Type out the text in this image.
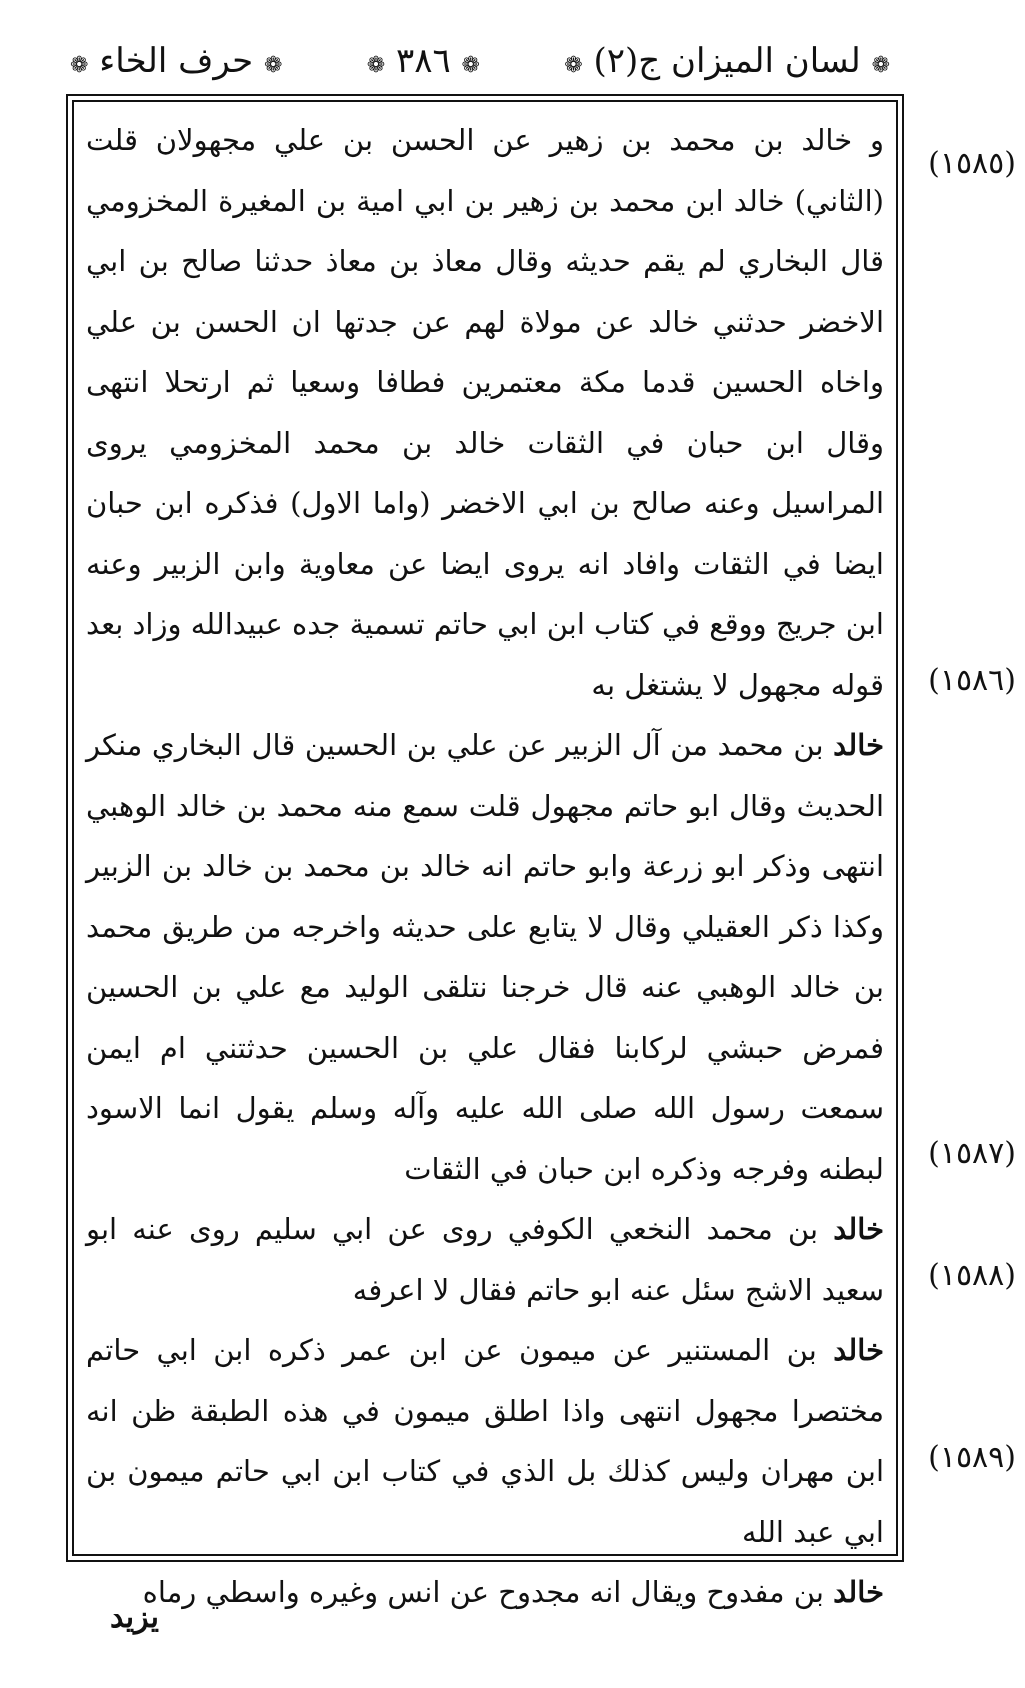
❁ لسان الميزان ج(٢) ❁
❁ ٣٨٦ ❁
❁ حرف الخاء ❁

و خالد بن محمد بن زهير عن الحسن بن علي مجهولان قلت (الثاني) خالد ابن محمد بن زهير بن ابي امية بن المغيرة المخزومي قال البخاري لم يقم حديثه وقال معاذ بن معاذ حدثنا صالح بن ابي الاخضر حدثني خالد عن مولاة لهم عن جدتها ان الحسن بن علي واخاه الحسين قدما مكة معتمرين فطافا وسعيا ثم ارتحلا انتهى وقال ابن حبان في الثقات خالد بن محمد المخزومي يروى المراسيل وعنه صالح بن ابي الاخضر (واما الاول) فذكره ابن حبان ايضا في الثقات وافاد انه يروى ايضا عن معاوية وابن الزبير وعنه ابن جريج ووقع في كتاب ابن ابي حاتم تسمية جده عبيدالله وزاد بعد قوله مجهول لا يشتغل به

خالد بن محمد من آل الزبير عن علي بن الحسين قال البخاري منكر الحديث وقال ابو حاتم مجهول قلت سمع منه محمد بن خالد الوهبي انتهى وذكر ابو زرعة وابو حاتم انه خالد بن محمد بن خالد بن الزبير وكذا ذكر العقيلي وقال لا يتابع على حديثه واخرجه من طريق محمد بن خالد الوهبي عنه قال خرجنا نتلقى الوليد مع علي بن الحسين فمرض حبشي لركابنا فقال علي بن الحسين حدثتني ام ايمن سمعت رسول الله صلى الله عليه وآله وسلم يقول انما الاسود لبطنه وفرجه وذكره ابن حبان في الثقات

خالد بن محمد النخعي الكوفي روى عن ابي سليم روى عنه ابو سعيد الاشج سئل عنه ابو حاتم فقال لا اعرفه

خالد بن المستنير عن ميمون عن ابن عمر ذكره ابن ابي حاتم مختصرا مجهول انتهى واذا اطلق ميمون في هذه الطبقة ظن انه ابن مهران وليس كذلك بل الذي في كتاب ابن ابي حاتم ميمون بن ابي عبد الله

خالد بن مفدوح ويقال انه مجدوح عن انس وغيره واسطي رماه

(١٥٨٥)
(١٥٨٦)
(١٥٨٧)
(١٥٨٨)
(١٥٨٩)
يزيد
